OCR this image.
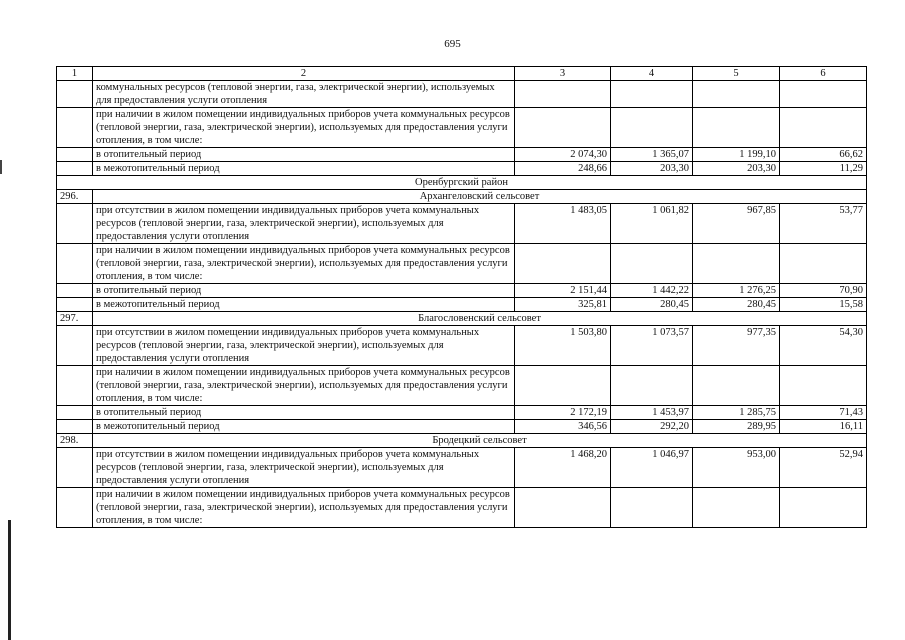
695
1	2	3	4	5	6
	коммунальных ресурсов (тепловой энергии, газа, электрической энергии), используемых для предоставления услуги отопления				
	при наличии в жилом помещении индивидуальных приборов учета коммунальных ресурсов (тепловой энергии, газа, электрической энергии), используемых для предоставления услуги отопления, в том числе:				
	в отопительный период	2 074,30	1 365,07	1 199,10	66,62
	в межотопительный период	248,66	203,30	203,30	11,29
Оренбургский район					
296.	Архангеловский сельсовет				
	при отсутствии в жилом помещении индивидуальных приборов учета коммунальных ресурсов (тепловой энергии, газа, электрической энергии), используемых для предоставления услуги отопления	1 483,05	1 061,82	967,85	53,77
	при наличии в жилом помещении индивидуальных приборов учета коммунальных ресурсов (тепловой энергии, газа, электрической энергии), используемых для предоставления услуги отопления, в том числе:				
	в отопительный период	2 151,44	1 442,22	1 276,25	70,90
	в межотопительный период	325,81	280,45	280,45	15,58
297.	Благословенский сельсовет				
	при отсутствии в жилом помещении индивидуальных приборов учета коммунальных ресурсов (тепловой энергии, газа, электрической энергии), используемых для предоставления услуги отопления	1 503,80	1 073,57	977,35	54,30
	при наличии в жилом помещении индивидуальных приборов учета коммунальных ресурсов (тепловой энергии, газа, электрической энергии), используемых для предоставления услуги отопления, в том числе:				
	в отопительный период	2 172,19	1 453,97	1 285,75	71,43
	в межотопительный период	346,56	292,20	289,95	16,11
298.	Бродецкий сельсовет				
	при отсутствии в жилом помещении индивидуальных приборов учета коммунальных ресурсов (тепловой энергии, газа, электрической энергии), используемых для предоставления услуги отопления	1 468,20	1 046,97	953,00	52,94
	при наличии в жилом помещении индивидуальных приборов учета коммунальных ресурсов (тепловой энергии, газа, электрической энергии), используемых для предоставления услуги отопления, в том числе:				
